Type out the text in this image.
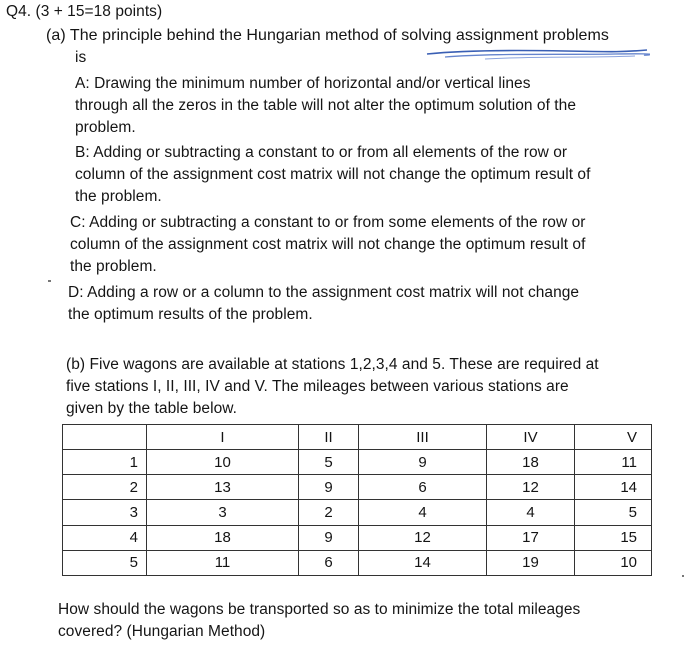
Q4. (3 + 15=18 points)
(a) The principle behind the Hungarian method of solving assignment problems
is
A: Drawing the minimum number of horizontal and/or vertical lines
through all the zeros in the table will not alter the optimum solution of the
problem.
B: Adding or subtracting a constant to or from all elements of the row or
column of the assignment cost matrix will not change the optimum result of
the problem.
C: Adding or subtracting a constant to or from some elements of the row or
column of the assignment cost matrix will not change the optimum result of
the problem.
D: Adding a row or a column to the assignment cost matrix will not change
the optimum results of the problem.
(b) Five wagons are available at stations 1,2,3,4 and 5. These are required at
five stations I, II, III, IV and V. The mileages between various stations are
given by the table below.
	I	II	III	IV	V
1	10	5	9	18	11
2	13	9	6	12	14
3	3	2	4	4	5
4	18	9	12	17	15
5	11	6	14	19	10
How should the wagons be transported so as to minimize the total mileages
covered? (Hungarian Method)
